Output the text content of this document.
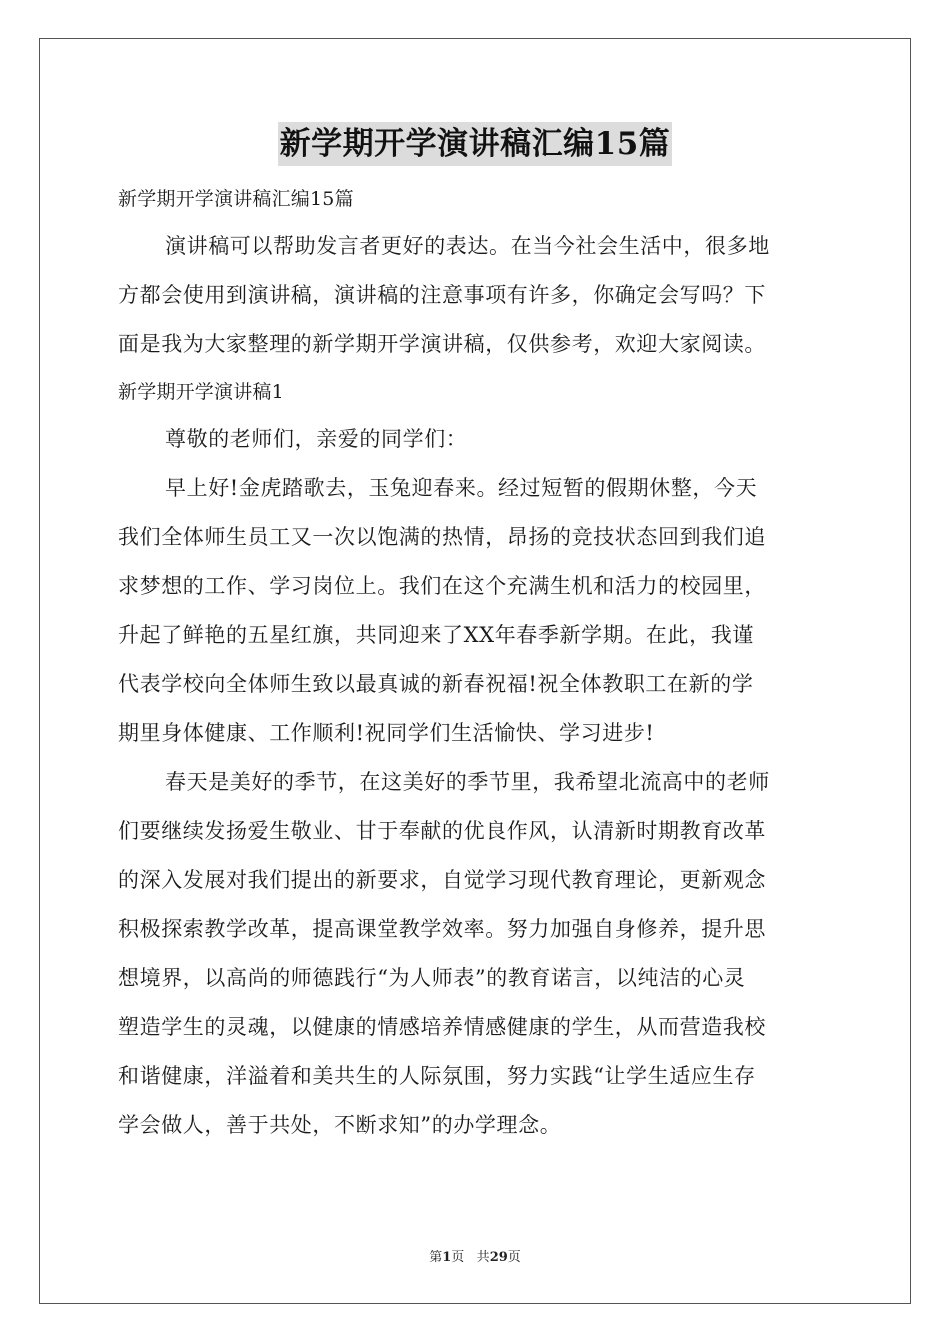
新学期开学演讲稿汇编15篇
新学期开学演讲稿汇编15篇
演讲稿可以帮助发言者更好的表达。在当今社会生活中，很多地
方都会使用到演讲稿，演讲稿的注意事项有许多，你确定会写吗？下
面是我为大家整理的新学期开学演讲稿，仅供参考，欢迎大家阅读。
新学期开学演讲稿1
尊敬的老师们，亲爱的同学们：
早上好!金虎踏歌去，玉兔迎春来。经过短暂的假期休整，今天
我们全体师生员工又一次以饱满的热情，昂扬的竞技状态回到我们追
求梦想的工作、学习岗位上。我们在这个充满生机和活力的校园里，
升起了鲜艳的五星红旗，共同迎来了XX年春季新学期。在此，我谨
代表学校向全体师生致以最真诚的新春祝福!祝全体教职工在新的学
期里身体健康、工作顺利!祝同学们生活愉快、学习进步!
春天是美好的季节，在这美好的季节里，我希望北流高中的老师
们要继续发扬爱生敬业、甘于奉献的优良作风，认清新时期教育改革
的深入发展对我们提出的新要求，自觉学习现代教育理论，更新观念
积极探索教学改革，提高课堂教学效率。努力加强自身修养，提升思
想境界，以高尚的师德践行“为人师表”的教育诺言，以纯洁的心灵
塑造学生的灵魂，以健康的情感培养情感健康的学生，从而营造我校
和谐健康，洋溢着和美共生的人际氛围，努力实践“让学生适应生存
学会做人，善于共处，不断求知”的办学理念。
第1页 共29页
